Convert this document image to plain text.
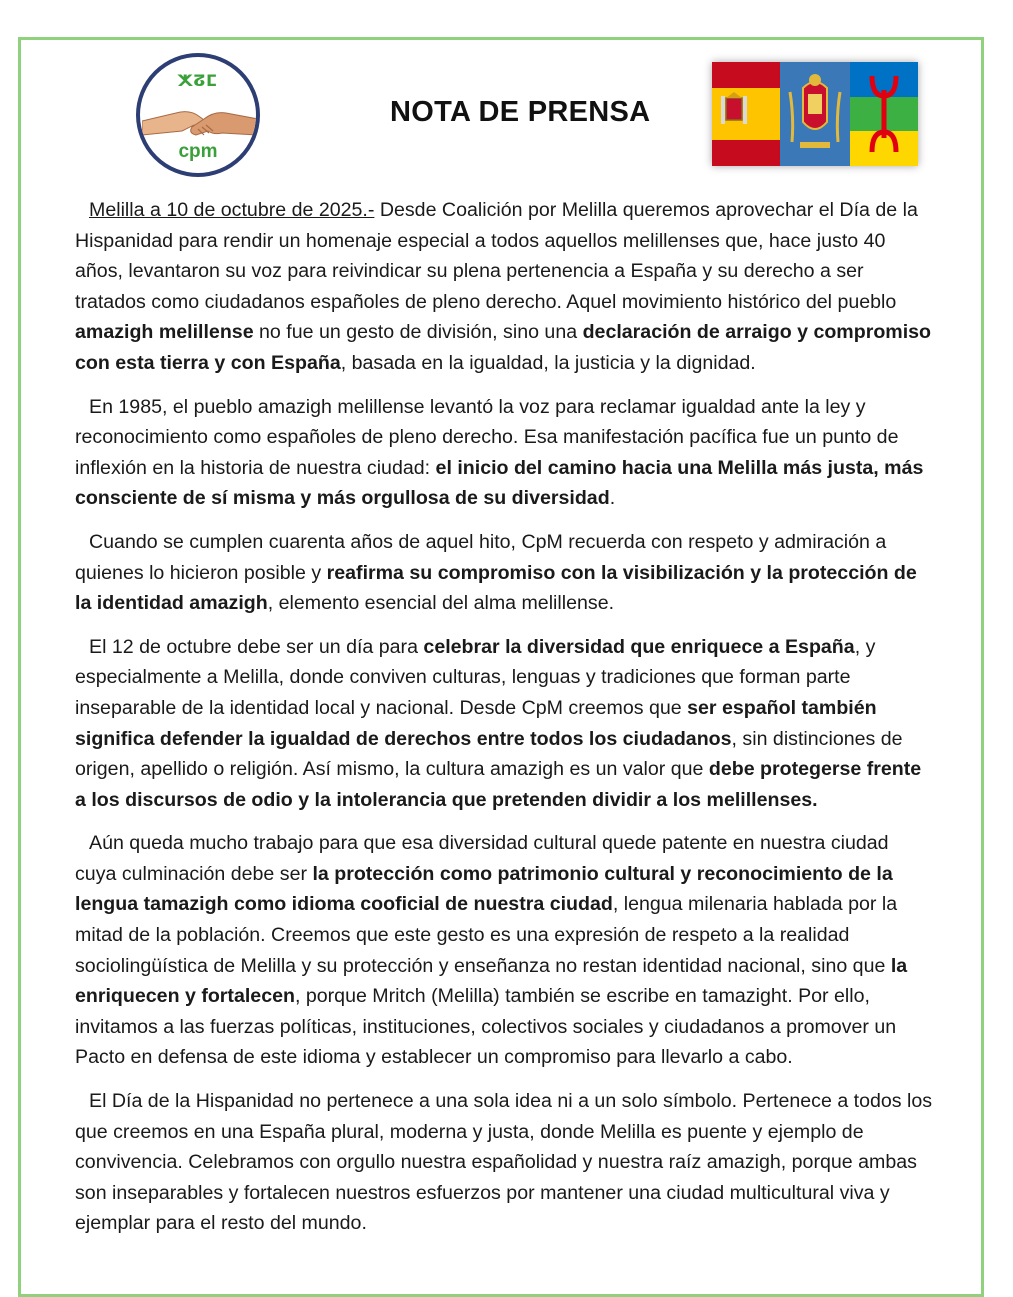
ⵅⵒⵎ
cpm
NOTA DE PRENSA

Melilla a 10 de octubre de 2025.- Desde Coalición por Melilla queremos aprovechar el Día de la Hispanidad para rendir un homenaje especial a todos aquellos melillenses que, hace justo 40 años, levantaron su voz para reivindicar su plena pertenencia a España y su derecho a ser tratados como ciudadanos españoles de pleno derecho. Aquel movimiento histórico del pueblo amazigh melillense no fue un gesto de división, sino una declaración de arraigo y compromiso con esta tierra y con España, basada en la igualdad, la justicia y la dignidad.

En 1985, el pueblo amazigh melillense levantó la voz para reclamar igualdad ante la ley y reconocimiento como españoles de pleno derecho. Esa manifestación pacífica fue un punto de inflexión en la historia de nuestra ciudad: el inicio del camino hacia una Melilla más justa, más consciente de sí misma y más orgullosa de su diversidad.

Cuando se cumplen cuarenta años de aquel hito, CpM recuerda con respeto y admiración a quienes lo hicieron posible y reafirma su compromiso con la visibilización y la protección de la identidad amazigh, elemento esencial del alma melillense.

El 12 de octubre debe ser un día para celebrar la diversidad que enriquece a España, y especialmente a Melilla, donde conviven culturas, lenguas y tradiciones que forman parte inseparable de la identidad local y nacional. Desde CpM creemos que ser español también significa defender la igualdad de derechos entre todos los ciudadanos, sin distinciones de origen, apellido o religión. Así mismo, la cultura amazigh es un valor que debe protegerse frente a los discursos de odio y la intolerancia que pretenden dividir a los melillenses.

Aún queda mucho trabajo para que esa diversidad cultural quede patente en nuestra ciudad cuya culminación debe ser la protección como patrimonio cultural y reconocimiento de la lengua tamazigh como idioma cooficial de nuestra ciudad, lengua milenaria hablada por la mitad de la población. Creemos que este gesto es una expresión de respeto a la realidad sociolingüística de Melilla y su protección y enseñanza no restan identidad nacional, sino que la enriquecen y fortalecen, porque Mritch (Melilla) también se escribe en tamazight. Por ello, invitamos a las fuerzas políticas, instituciones, colectivos sociales y ciudadanos a promover un Pacto en defensa de este idioma y establecer un compromiso para llevarlo a cabo.

El Día de la Hispanidad no pertenece a una sola idea ni a un solo símbolo. Pertenece a todos los que creemos en una España plural, moderna y justa, donde Melilla es puente y ejemplo de convivencia. Celebramos con orgullo nuestra españolidad y nuestra raíz amazigh, porque ambas son inseparables y fortalecen nuestros esfuerzos por mantener una ciudad multicultural viva y ejemplar para el resto del mundo.
